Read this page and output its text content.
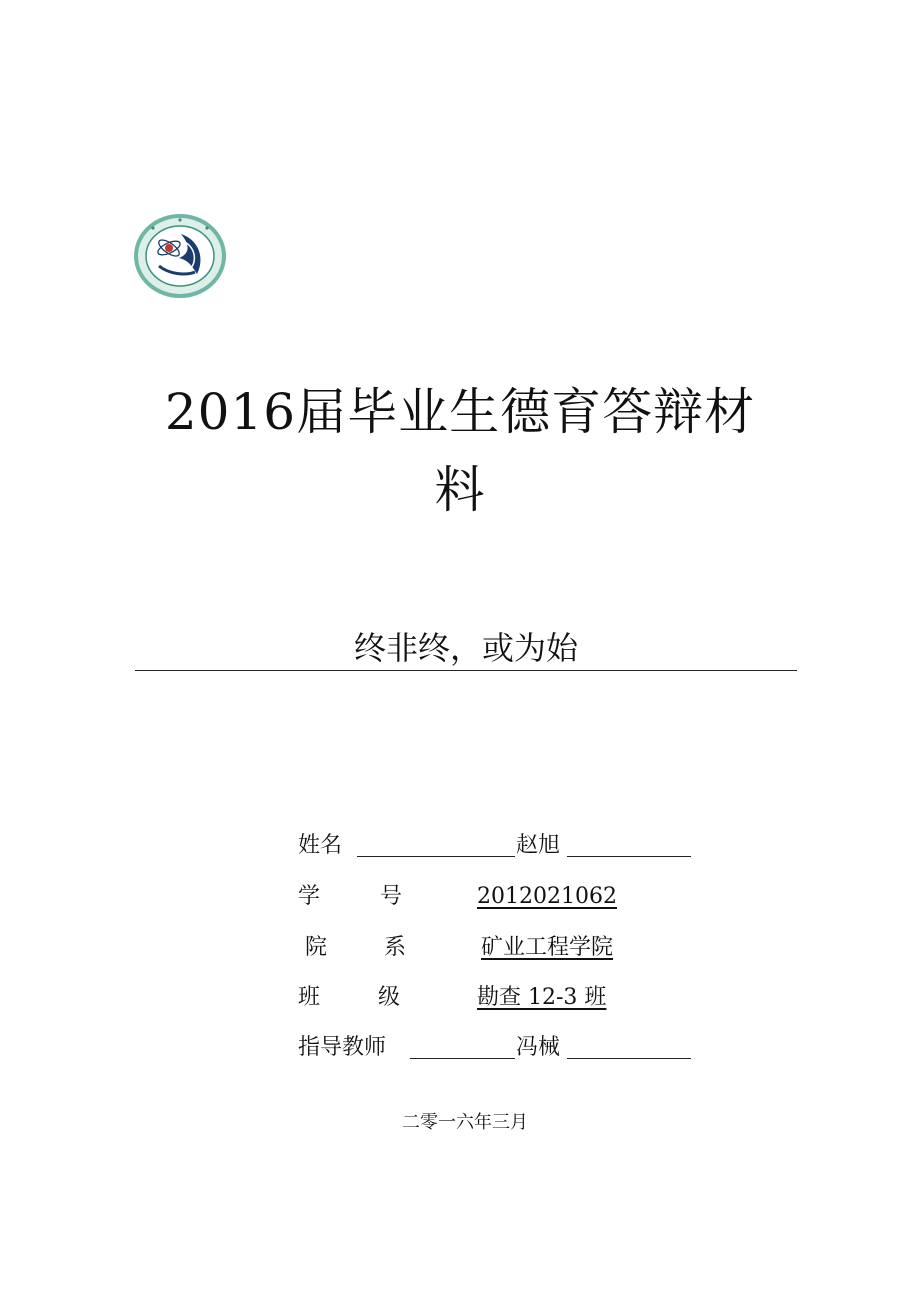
2016届毕业生德育答辩材
料
终非终，或为始
姓名	赵旭
学	号	2012021062
院	系	矿业工程学院
班	级	勘查 12-3 班
指导教师	冯械
二零一六年三月
